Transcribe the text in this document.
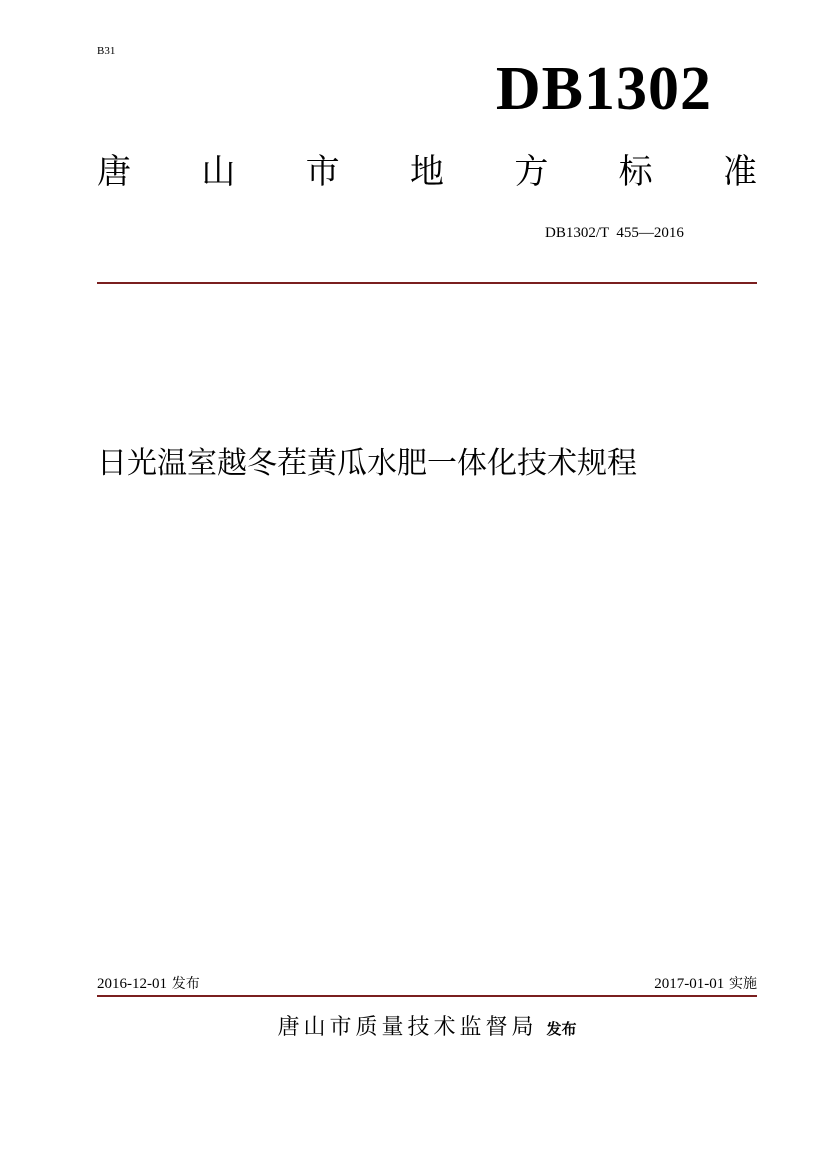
B31
DB1302
唐 山 市 地 方 标 准
DB1302/T  455—2016
日光温室越冬茬黄瓜水肥一体化技术规程
2016-12-01 发布	2017-01-01 实施
唐山市质量技术监督局 发布
